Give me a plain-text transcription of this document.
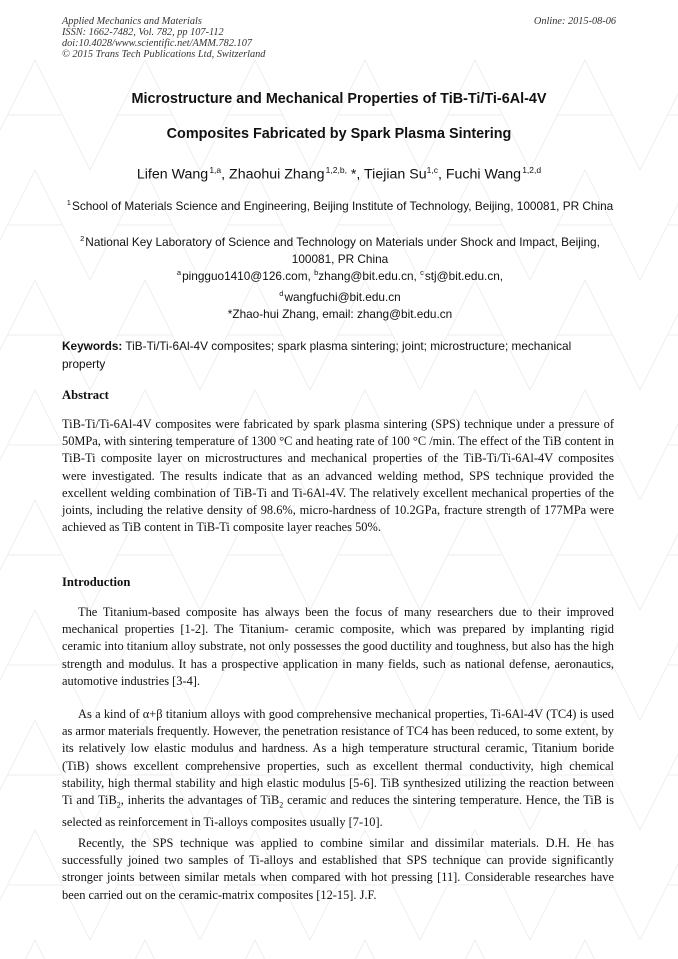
Applied Mechanics and Materials
ISSN: 1662-7482, Vol. 782, pp 107-112
doi:10.4028/www.scientific.net/AMM.782.107
© 2015 Trans Tech Publications Ltd, Switzerland
Online: 2015-08-06
Microstructure and Mechanical Properties of TiB-Ti/Ti-6Al-4V
Composites Fabricated by Spark Plasma Sintering
Lifen Wang $^{1,a}$, Zhaohui Zhang $^{1,2,b,}$ *, Tiejian Su$^{1,c}$, Fuchi Wang $^{1,2,d}$
$^1$ School of Materials Science and Engineering, Beijing Institute of Technology, Beijing, 100081, PR China
$^2$ National Key Laboratory of Science and Technology on Materials under Shock and Impact, Beijing, 100081, PR China
$^a$ pingguo1410@126.com, $^b$zhang@bit.edu.cn, $^c$ stj@bit.edu.cn,
$^d$ wangfuchi@bit.edu.cn
*Zhao-hui Zhang, email: zhang@bit.edu.cn
Keywords: TiB-Ti/Ti-6Al-4V composites; spark plasma sintering; joint; microstructure; mechanical property
Abstract
TiB-Ti/Ti-6Al-4V composites were fabricated by spark plasma sintering (SPS) technique under a pressure of 50MPa, with sintering temperature of 1300 °C and heating rate of 100 °C /min. The effect of the TiB content in TiB-Ti composite layer on microstructures and mechanical properties of the TiB-Ti/Ti-6Al-4V composites were investigated. The results indicate that as an advanced welding method, SPS technique provided the excellent welding combination of TiB-Ti and Ti-6Al-4V. The relatively excellent mechanical properties of the joints, including the relative density of 98.6%, micro-hardness of 10.2GPa, fracture strength of 177MPa were achieved as TiB content in TiB-Ti composite layer reaches 50%.
Introduction
The Titanium-based composite has always been the focus of many researchers due to their improved mechanical properties [1-2]. The Titanium- ceramic composite, which was prepared by implanting rigid ceramic into titanium alloy substrate, not only possesses the good ductility and toughness, but also has the high strength and modulus. It has a prospective application in many fields, such as national defense, aeronautics, automotive industries [3-4].
As a kind of α+β titanium alloys with good comprehensive mechanical properties, Ti-6Al-4V (TC4) is used as armor materials frequently. However, the penetration resistance of TC4 has been reduced, to some extent, by its relatively low elastic modulus and hardness. As a high temperature structural ceramic, Titanium boride (TiB) shows excellent comprehensive properties, such as excellent thermal conductivity, high chemical stability, high thermal stability and high elastic modulus [5-6]. TiB synthesized utilizing the reaction between Ti and TiB$_2$, inherits the advantages of TiB$_2$ ceramic and reduces the sintering temperature. Hence, the TiB is selected as reinforcement in Ti-alloys composites usually [7-10].
Recently, the SPS technique was applied to combine similar and dissimilar materials. D.H. He has successfully joined two samples of Ti-alloys and established that SPS technique can provide significantly stronger joints between similar metals when compared with hot pressing [11]. Considerable researches have been carried out on the ceramic-matrix composites [12-15]. J.F.
